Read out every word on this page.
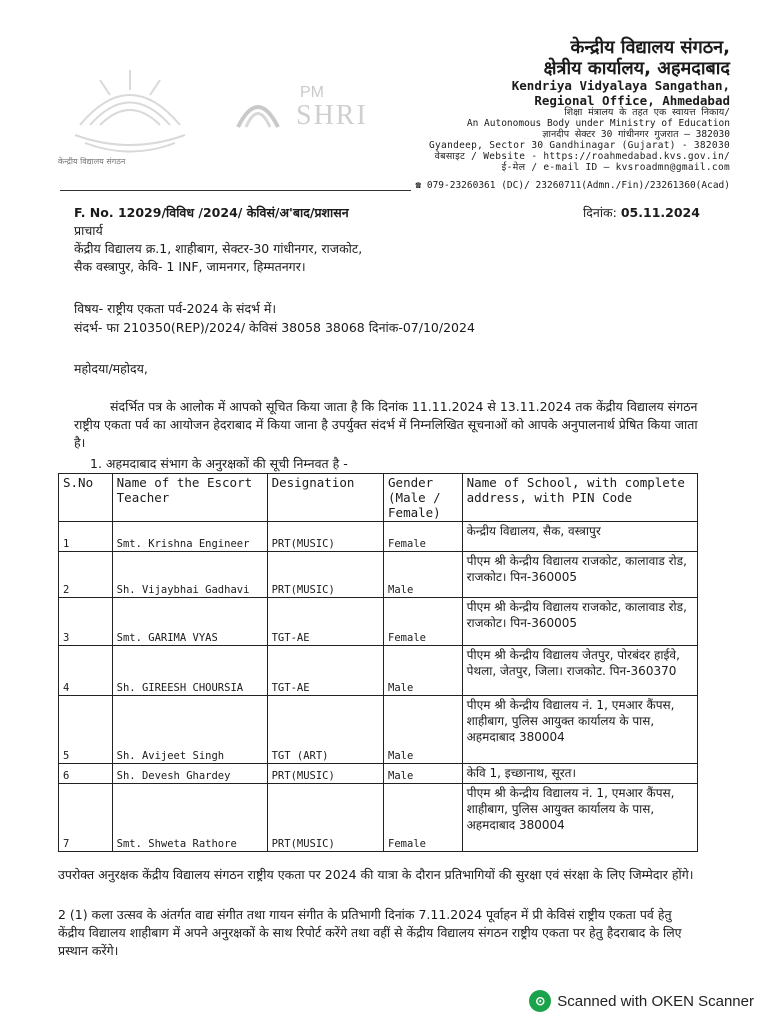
केन्द्रीय विद्यालय संगठन
PM
SHRI
केन्द्रीय विद्यालय संगठन,
क्षेत्रीय कार्यालय, अहमदाबाद
Kendriya Vidyalaya Sangathan,
Regional Office, Ahmedabad
शिक्षा मंत्रालय के तहत एक स्वायत्त निकाय/
An Autonomous Body under Ministry of Education
ज्ञानदीप सेक्टर 30 गांधीनगर गुजरात – 382030
Gyandeep, Sector 30 Gandhinagar (Gujarat) - 382030
वेबसाइट / Website - https://roahmedabad.kvs.gov.in/
ई-मेल / e-mail ID – kvsroadmn@gmail.com
☎ 079-23260361 (DC)/ 23260711(Admn./Fin)/23261360(Acad)
F. No. 12029/विविध /2024/ केविसं/अ'बाद/प्रशासन	दिनांक: 05.11.2024
प्राचार्य
केंद्रीय विद्यालय क्र.1, शाहीबाग, सेक्टर-30 गांधीनगर, राजकोट,
सैक वस्त्रापुर, केवि- 1 INF, जामनगर, हिम्मतनगर।
विषय- राष्ट्रीय एकता पर्व-2024 के संदर्भ में।
संदर्भ- फा 210350(REP)/2024/ केविसं 38058 38068 दिनांक-07/10/2024
महोदया/महोदय,
संदर्भित पत्र के आलोक में आपको सूचित किया जाता है कि दिनांक 11.11.2024 से 13.11.2024 तक केंद्रीय विद्यालय संगठन राष्ट्रीय एकता पर्व का आयोजन हेदराबाद में किया जाना है उपर्युक्त संदर्भ में निम्नलिखित सूचनाओं को आपके अनुपालनार्थ प्रेषित किया जाता है।
1. अहमदाबाद संभाग के अनुरक्षकों की सूची निम्नवत है -
S.No	Name of the Escort Teacher	Designation	Gender (Male / Female)	Name of School, with complete address, with PIN Code
1	Smt. Krishna Engineer	PRT(MUSIC)	Female	केन्द्रीय विद्यालय, सैक, वस्त्रापुर
2	Sh. Vijaybhai Gadhavi	PRT(MUSIC)	Male	पीएम श्री केन्द्रीय विद्यालय राजकोट, कालावाड रोड, राजकोट। पिन-360005
3	Smt. GARIMA VYAS	TGT-AE	Female	पीएम श्री केन्द्रीय विद्यालय राजकोट, कालावाड रोड, राजकोट। पिन-360005
4	Sh. GIREESH CHOURSIA	TGT-AE	Male	पीएम श्री केन्द्रीय विद्यालय जेतपुर, पोरबंदर हाईवे, पेथला, जेतपुर, जिला। राजकोट. पिन-360370
5	Sh. Avijeet Singh	TGT (ART)	Male	पीएम श्री केन्द्रीय विद्यालय नं. 1, एमआर कैंपस, शाहीबाग, पुलिस आयुक्त कार्यालय के पास, अहमदाबाद 380004
6	Sh. Devesh Ghardey	PRT(MUSIC)	Male	केवि 1, इच्छानाथ, सूरत।
7	Smt. Shweta Rathore	PRT(MUSIC)	Female	पीएम श्री केन्द्रीय विद्यालय नं. 1, एमआर कैंपस, शाहीबाग, पुलिस आयुक्त कार्यालय के पास, अहमदाबाद 380004
उपरोक्त अनुरक्षक केंद्रीय विद्यालय संगठन राष्ट्रीय एकता पर 2024 की यात्रा के दौरान प्रतिभागियों की सुरक्षा एवं संरक्षा के लिए जिम्मेदार होंगे।
2 (1) कला उत्सव के अंतर्गत वाद्य संगीत तथा गायन संगीत के प्रतिभागी दिनांक 7.11.2024 पूर्वाहन में प्री केविसं राष्ट्रीय एकता पर्व हेतु केंद्रीय विद्यालय शाहीबाग में अपने अनुरक्षकों के साथ रिपोर्ट करेंगे तथा वहीं से केंद्रीय विद्यालय संगठन राष्ट्रीय एकता पर हेतु हैदराबाद के लिए प्रस्थान करेंगे।
⊙ Scanned with OKEN Scanner
